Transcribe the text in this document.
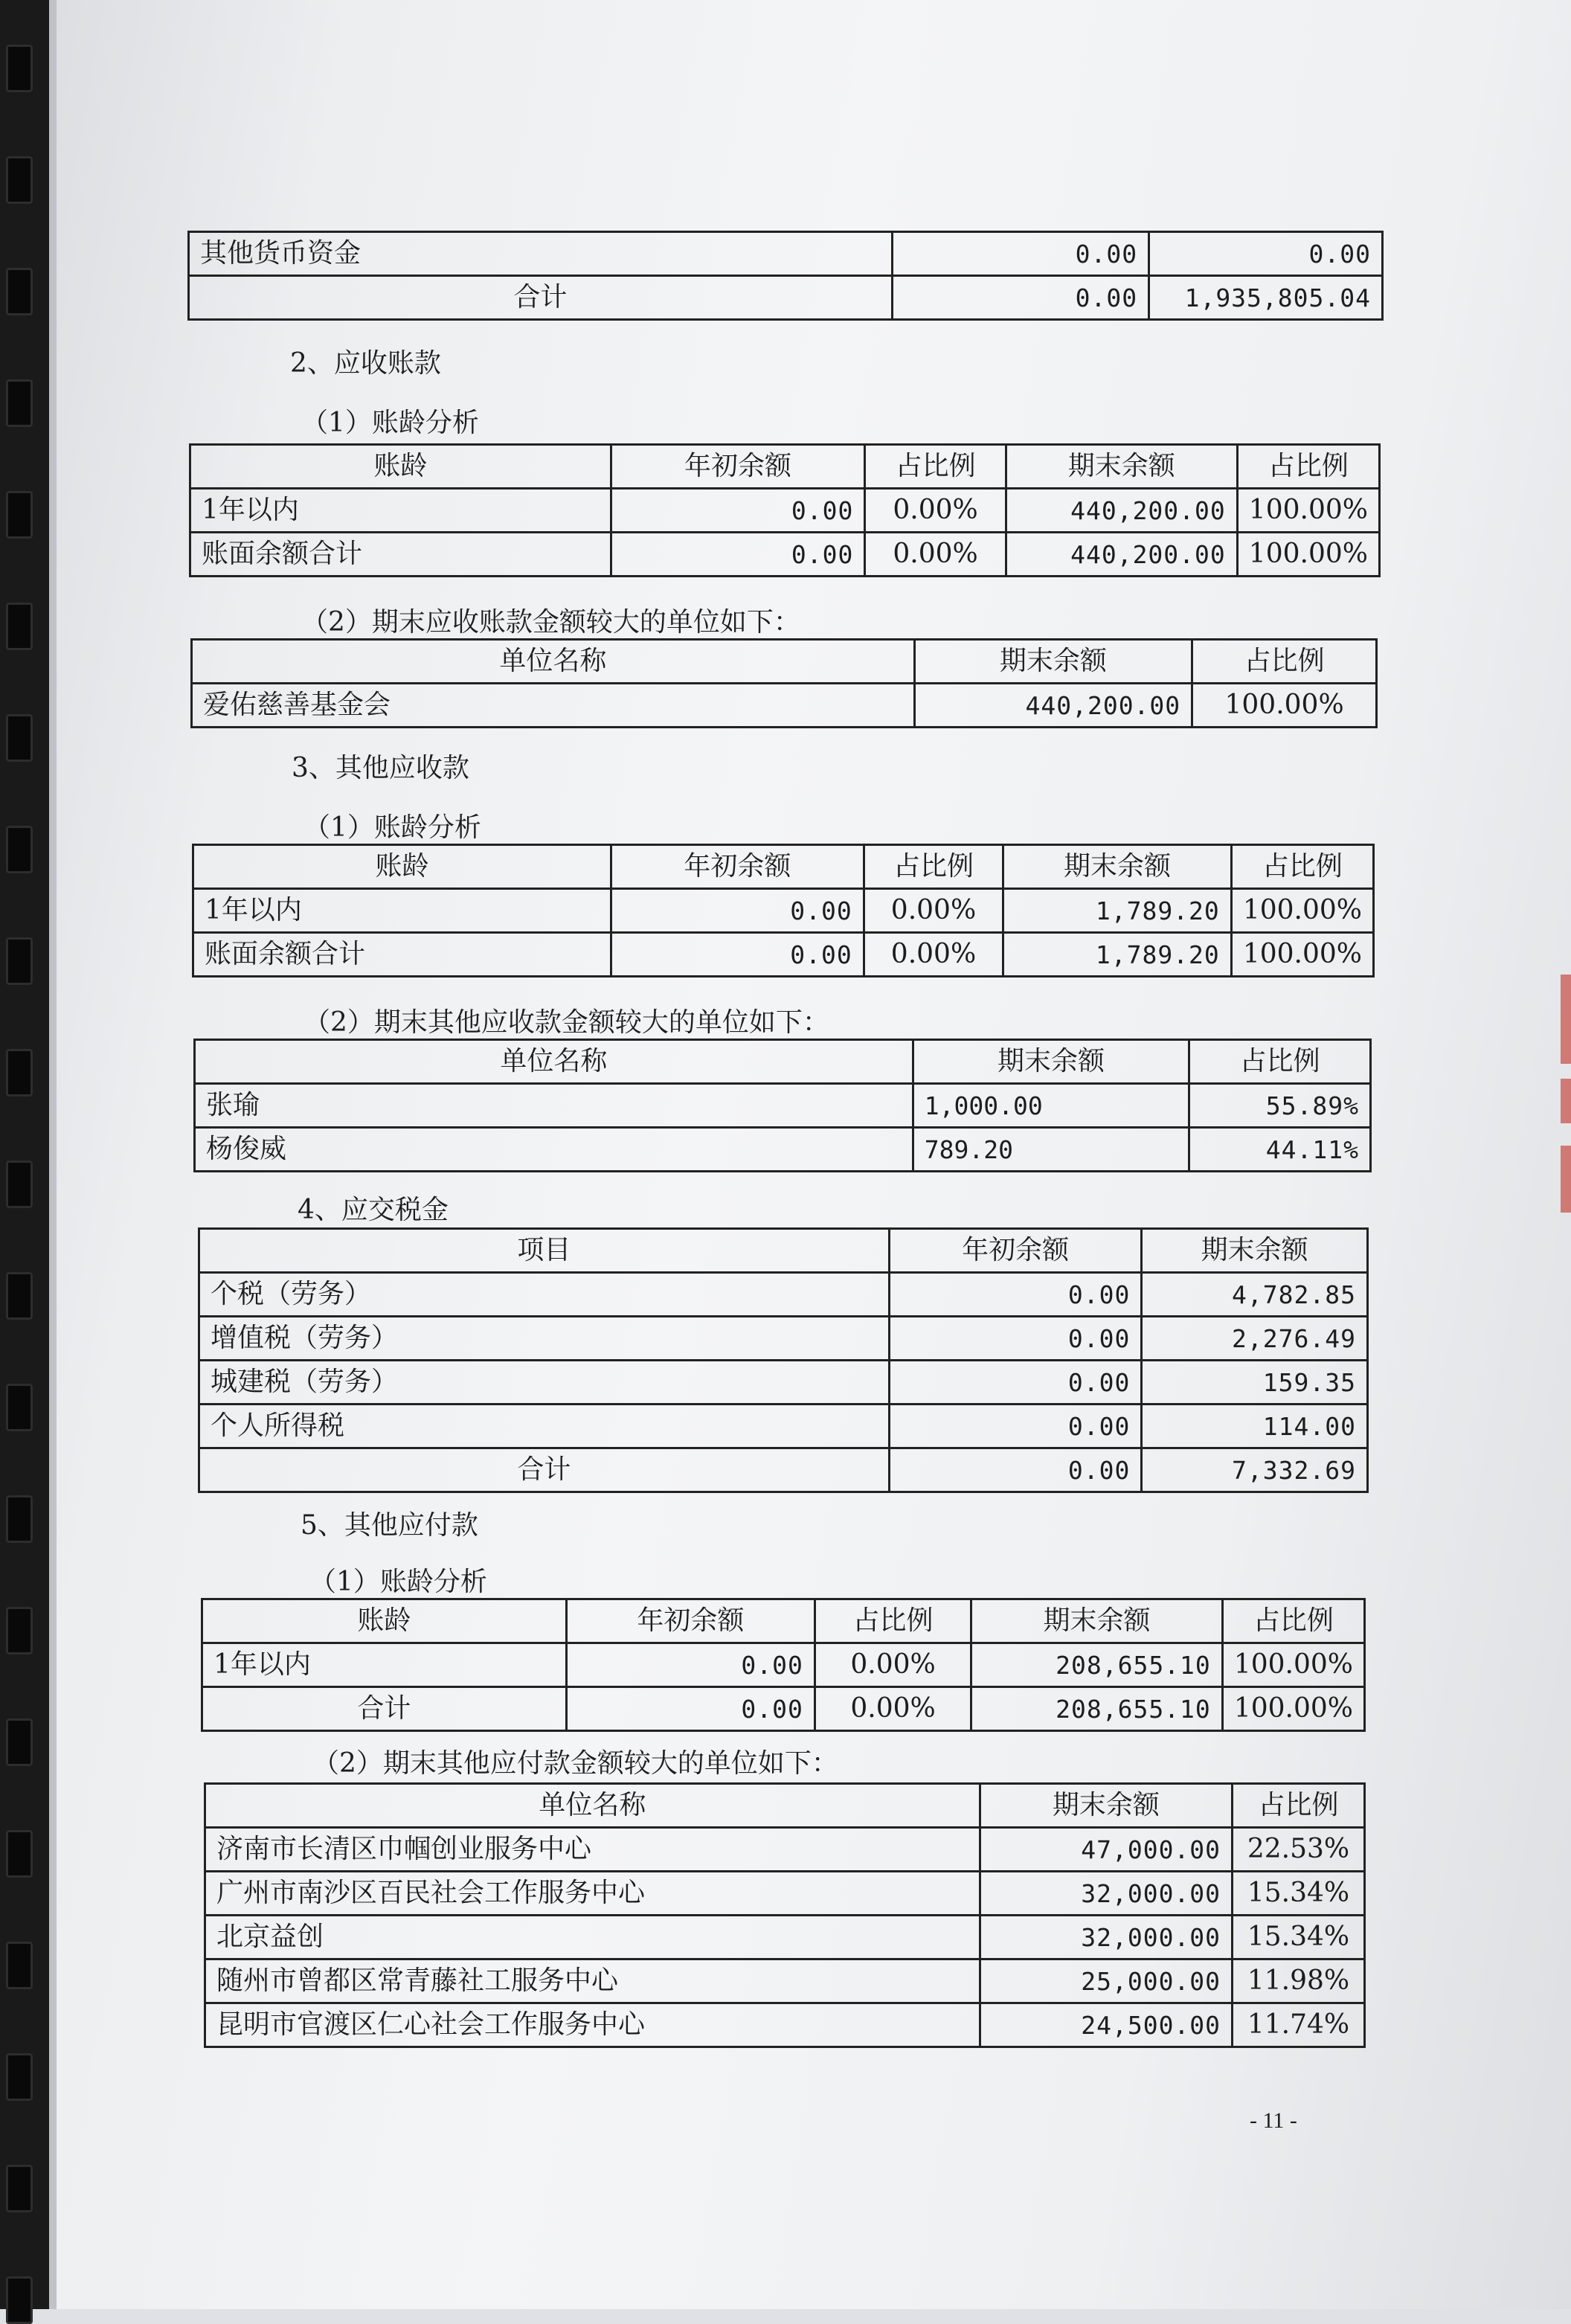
其他货币资金	0.00	0.00
合计	0.00	1,935,805.04
2、应收账款
（1）账龄分析
账龄	年初余额	占比例	期末余额	占比例
1年以内	0.00	0.00%	440,200.00	100.00%
账面余额合计	0.00	0.00%	440,200.00	100.00%
（2）期末应收账款金额较大的单位如下：
单位名称	期末余额	占比例
爱佑慈善基金会	440,200.00	100.00%
3、其他应收款
（1）账龄分析
账龄	年初余额	占比例	期末余额	占比例
1年以内	0.00	0.00%	1,789.20	100.00%
账面余额合计	0.00	0.00%	1,789.20	100.00%
（2）期末其他应收款金额较大的单位如下：
单位名称	期末余额	占比例
张瑜	1,000.00	55.89%
杨俊威	789.20	44.11%
4、应交税金
项目	年初余额	期末余额
个税（劳务）	0.00	4,782.85
增值税（劳务）	0.00	2,276.49
城建税（劳务）	0.00	159.35
个人所得税	0.00	114.00
合计	0.00	7,332.69
5、其他应付款
（1）账龄分析
账龄	年初余额	占比例	期末余额	占比例
1年以内	0.00	0.00%	208,655.10	100.00%
合计	0.00	0.00%	208,655.10	100.00%
（2）期末其他应付款金额较大的单位如下：
单位名称	期末余额	占比例
济南市长清区巾帼创业服务中心	47,000.00	22.53%
广州市南沙区百民社会工作服务中心	32,000.00	15.34%
北京益创	32,000.00	15.34%
随州市曾都区常青藤社工服务中心	25,000.00	11.98%
昆明市官渡区仁心社会工作服务中心	24,500.00	11.74%
- 11 -
